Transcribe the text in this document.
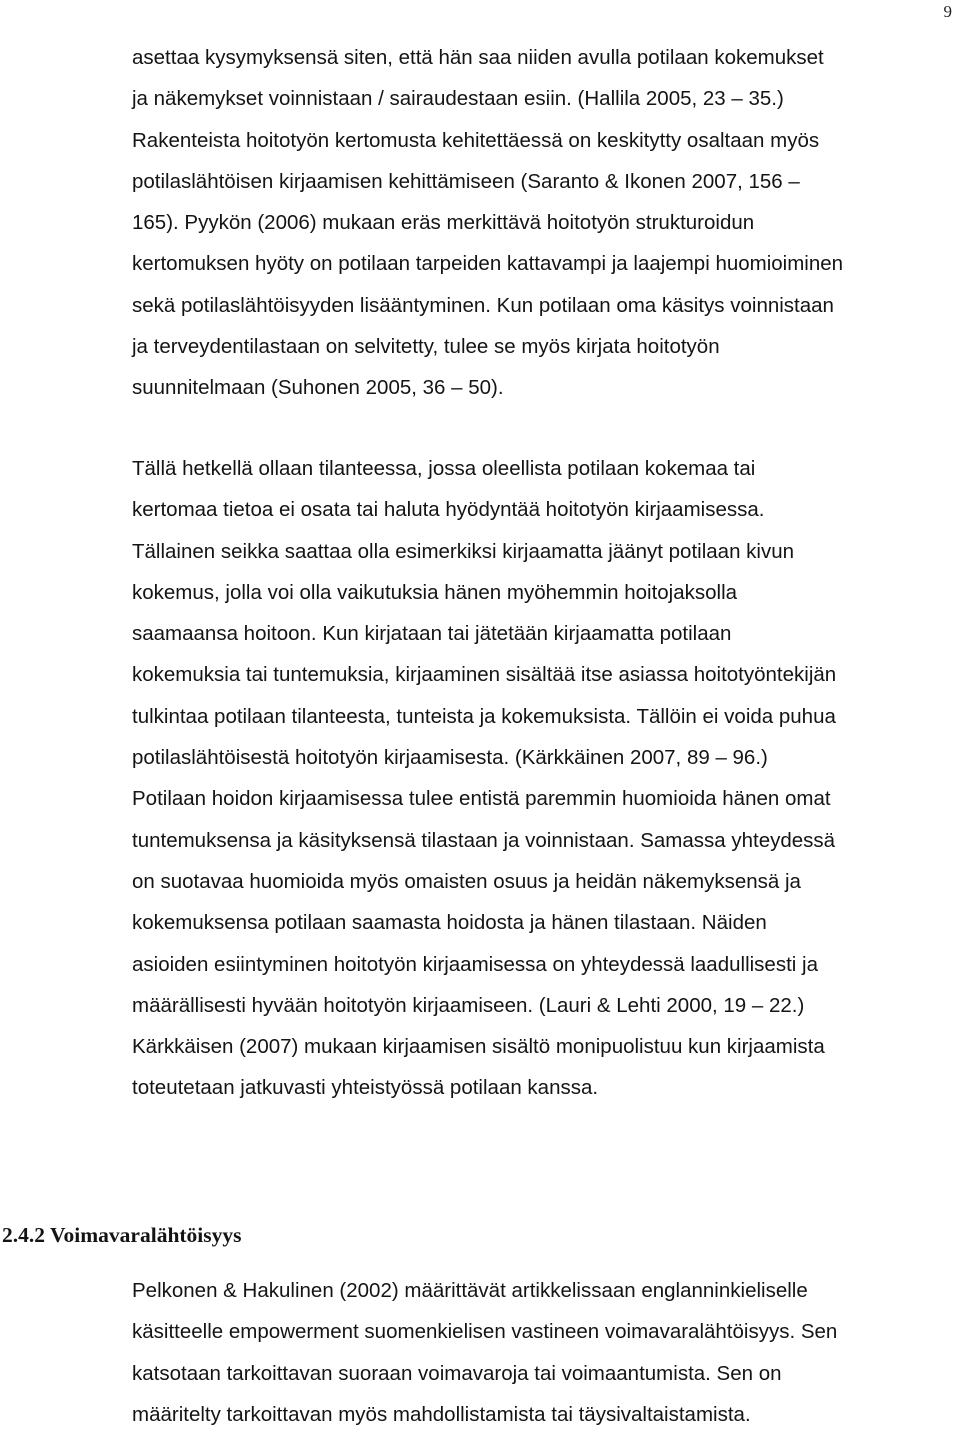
9

asettaa kysymyksensä siten, että hän saa niiden avulla potilaan kokemukset
ja näkemykset voinnistaan / sairaudestaan esiin. (Hallila 2005, 23 – 35.)
Rakenteista hoitotyön kertomusta kehitettäessä on keskitytty osaltaan myös
potilaslähtöisen kirjaamisen kehittämiseen (Saranto & Ikonen 2007, 156 –
165). Pyykön (2006) mukaan eräs merkittävä hoitotyön strukturoidun
kertomuksen hyöty on potilaan tarpeiden kattavampi ja laajempi huomioiminen
sekä potilaslähtöisyyden lisääntyminen. Kun potilaan oma käsitys voinnistaan
ja terveydentilastaan on selvitetty, tulee se myös kirjata hoitotyön
suunnitelmaan (Suhonen 2005, 36 – 50).

Tällä hetkellä ollaan tilanteessa, jossa oleellista potilaan kokemaa tai
kertomaa tietoa ei osata tai haluta hyödyntää hoitotyön kirjaamisessa.
Tällainen seikka saattaa olla esimerkiksi kirjaamatta jäänyt potilaan kivun
kokemus, jolla voi olla vaikutuksia hänen myöhemmin hoitojaksolla
saamaansa hoitoon. Kun kirjataan tai jätetään kirjaamatta potilaan
kokemuksia tai tuntemuksia, kirjaaminen sisältää itse asiassa hoitotyöntekijän
tulkintaa potilaan tilanteesta, tunteista ja kokemuksista. Tällöin ei voida puhua
potilaslähtöisestä hoitotyön kirjaamisesta. (Kärkkäinen 2007, 89 – 96.)
Potilaan hoidon kirjaamisessa tulee entistä paremmin huomioida hänen omat
tuntemuksensa ja käsityksensä tilastaan ja voinnistaan. Samassa yhteydessä
on suotavaa huomioida myös omaisten osuus ja heidän näkemyksensä ja
kokemuksensa potilaan saamasta hoidosta ja hänen tilastaan. Näiden
asioiden esiintyminen hoitotyön kirjaamisessa on yhteydessä laadullisesti ja
määrällisesti hyvään hoitotyön kirjaamiseen. (Lauri & Lehti 2000, 19 – 22.)
Kärkkäisen (2007) mukaan kirjaamisen sisältö monipuolistuu kun kirjaamista
toteutetaan jatkuvasti yhteistyössä potilaan kanssa.

2.4.2 Voimavaralähtöisyys

Pelkonen & Hakulinen (2002) määrittävät artikkelissaan englanninkieliselle
käsitteelle empowerment suomenkielisen vastineen voimavaralähtöisyys. Sen
katsotaan tarkoittavan suoraan voimavaroja tai voimaantumista. Sen on
määritelty tarkoittavan myös mahdollistamista tai täysivaltaistamista.
